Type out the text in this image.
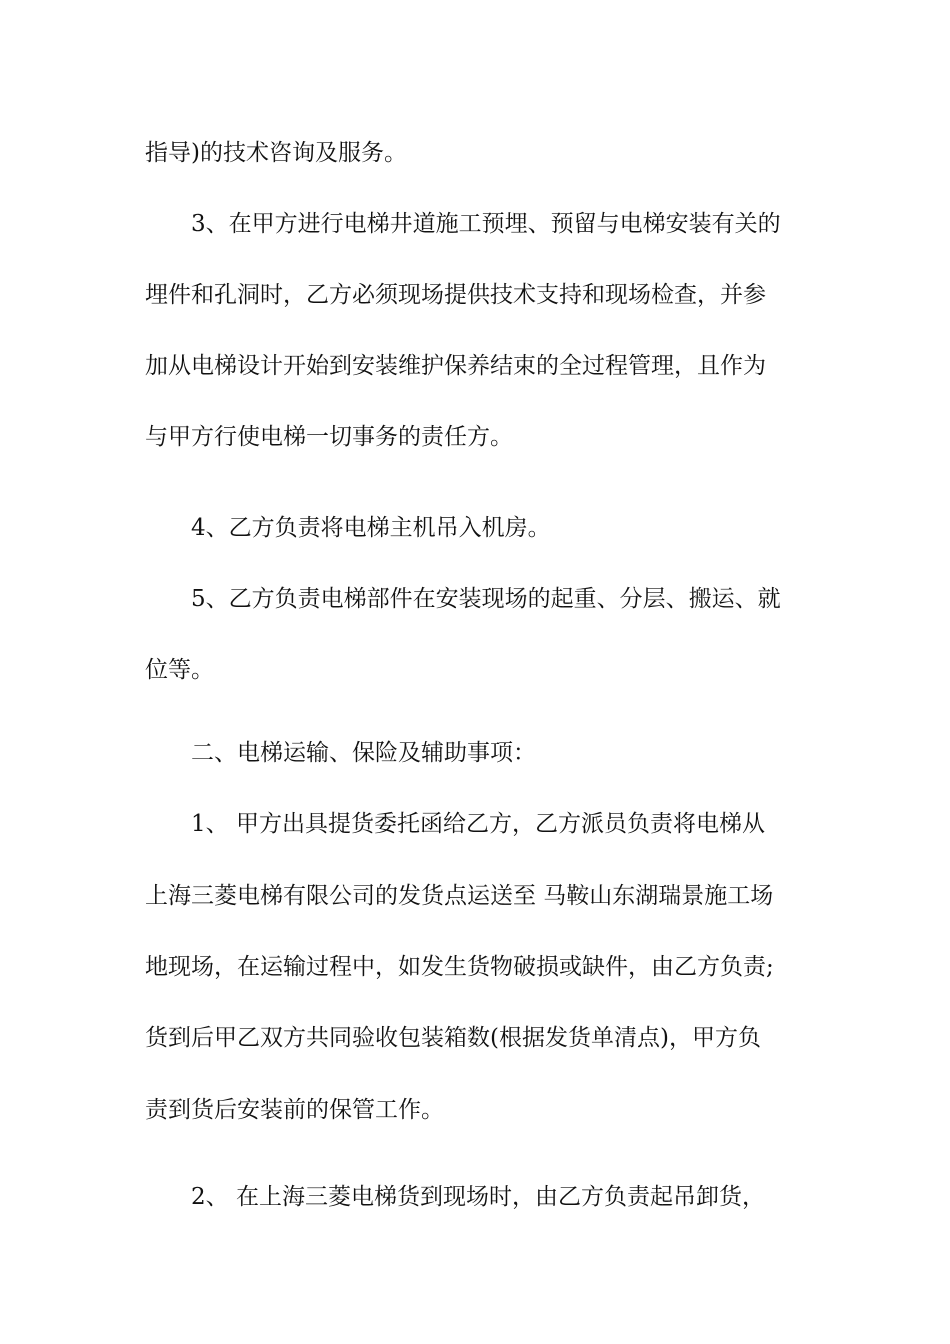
指导)的技术咨询及服务。
3、在甲方进行电梯井道施工预埋、预留与电梯安装有关的
埋件和孔洞时，乙方必须现场提供技术支持和现场检查，并参
加从电梯设计开始到安装维护保养结束的全过程管理，且作为
与甲方行使电梯一切事务的责任方。
4、乙方负责将电梯主机吊入机房。
5、乙方负责电梯部件在安装现场的起重、分层、搬运、就
位等。
二、电梯运输、保险及辅助事项：
1、 甲方出具提货委托函给乙方，乙方派员负责将电梯从
上海三菱电梯有限公司的发货点运送至 马鞍山东湖瑞景施工场
地现场，在运输过程中，如发生货物破损或缺件，由乙方负责;
货到后甲乙双方共同验收包装箱数(根据发货单清点)，甲方负
责到货后安装前的保管工作。
2、 在上海三菱电梯货到现场时，由乙方负责起吊卸货，
